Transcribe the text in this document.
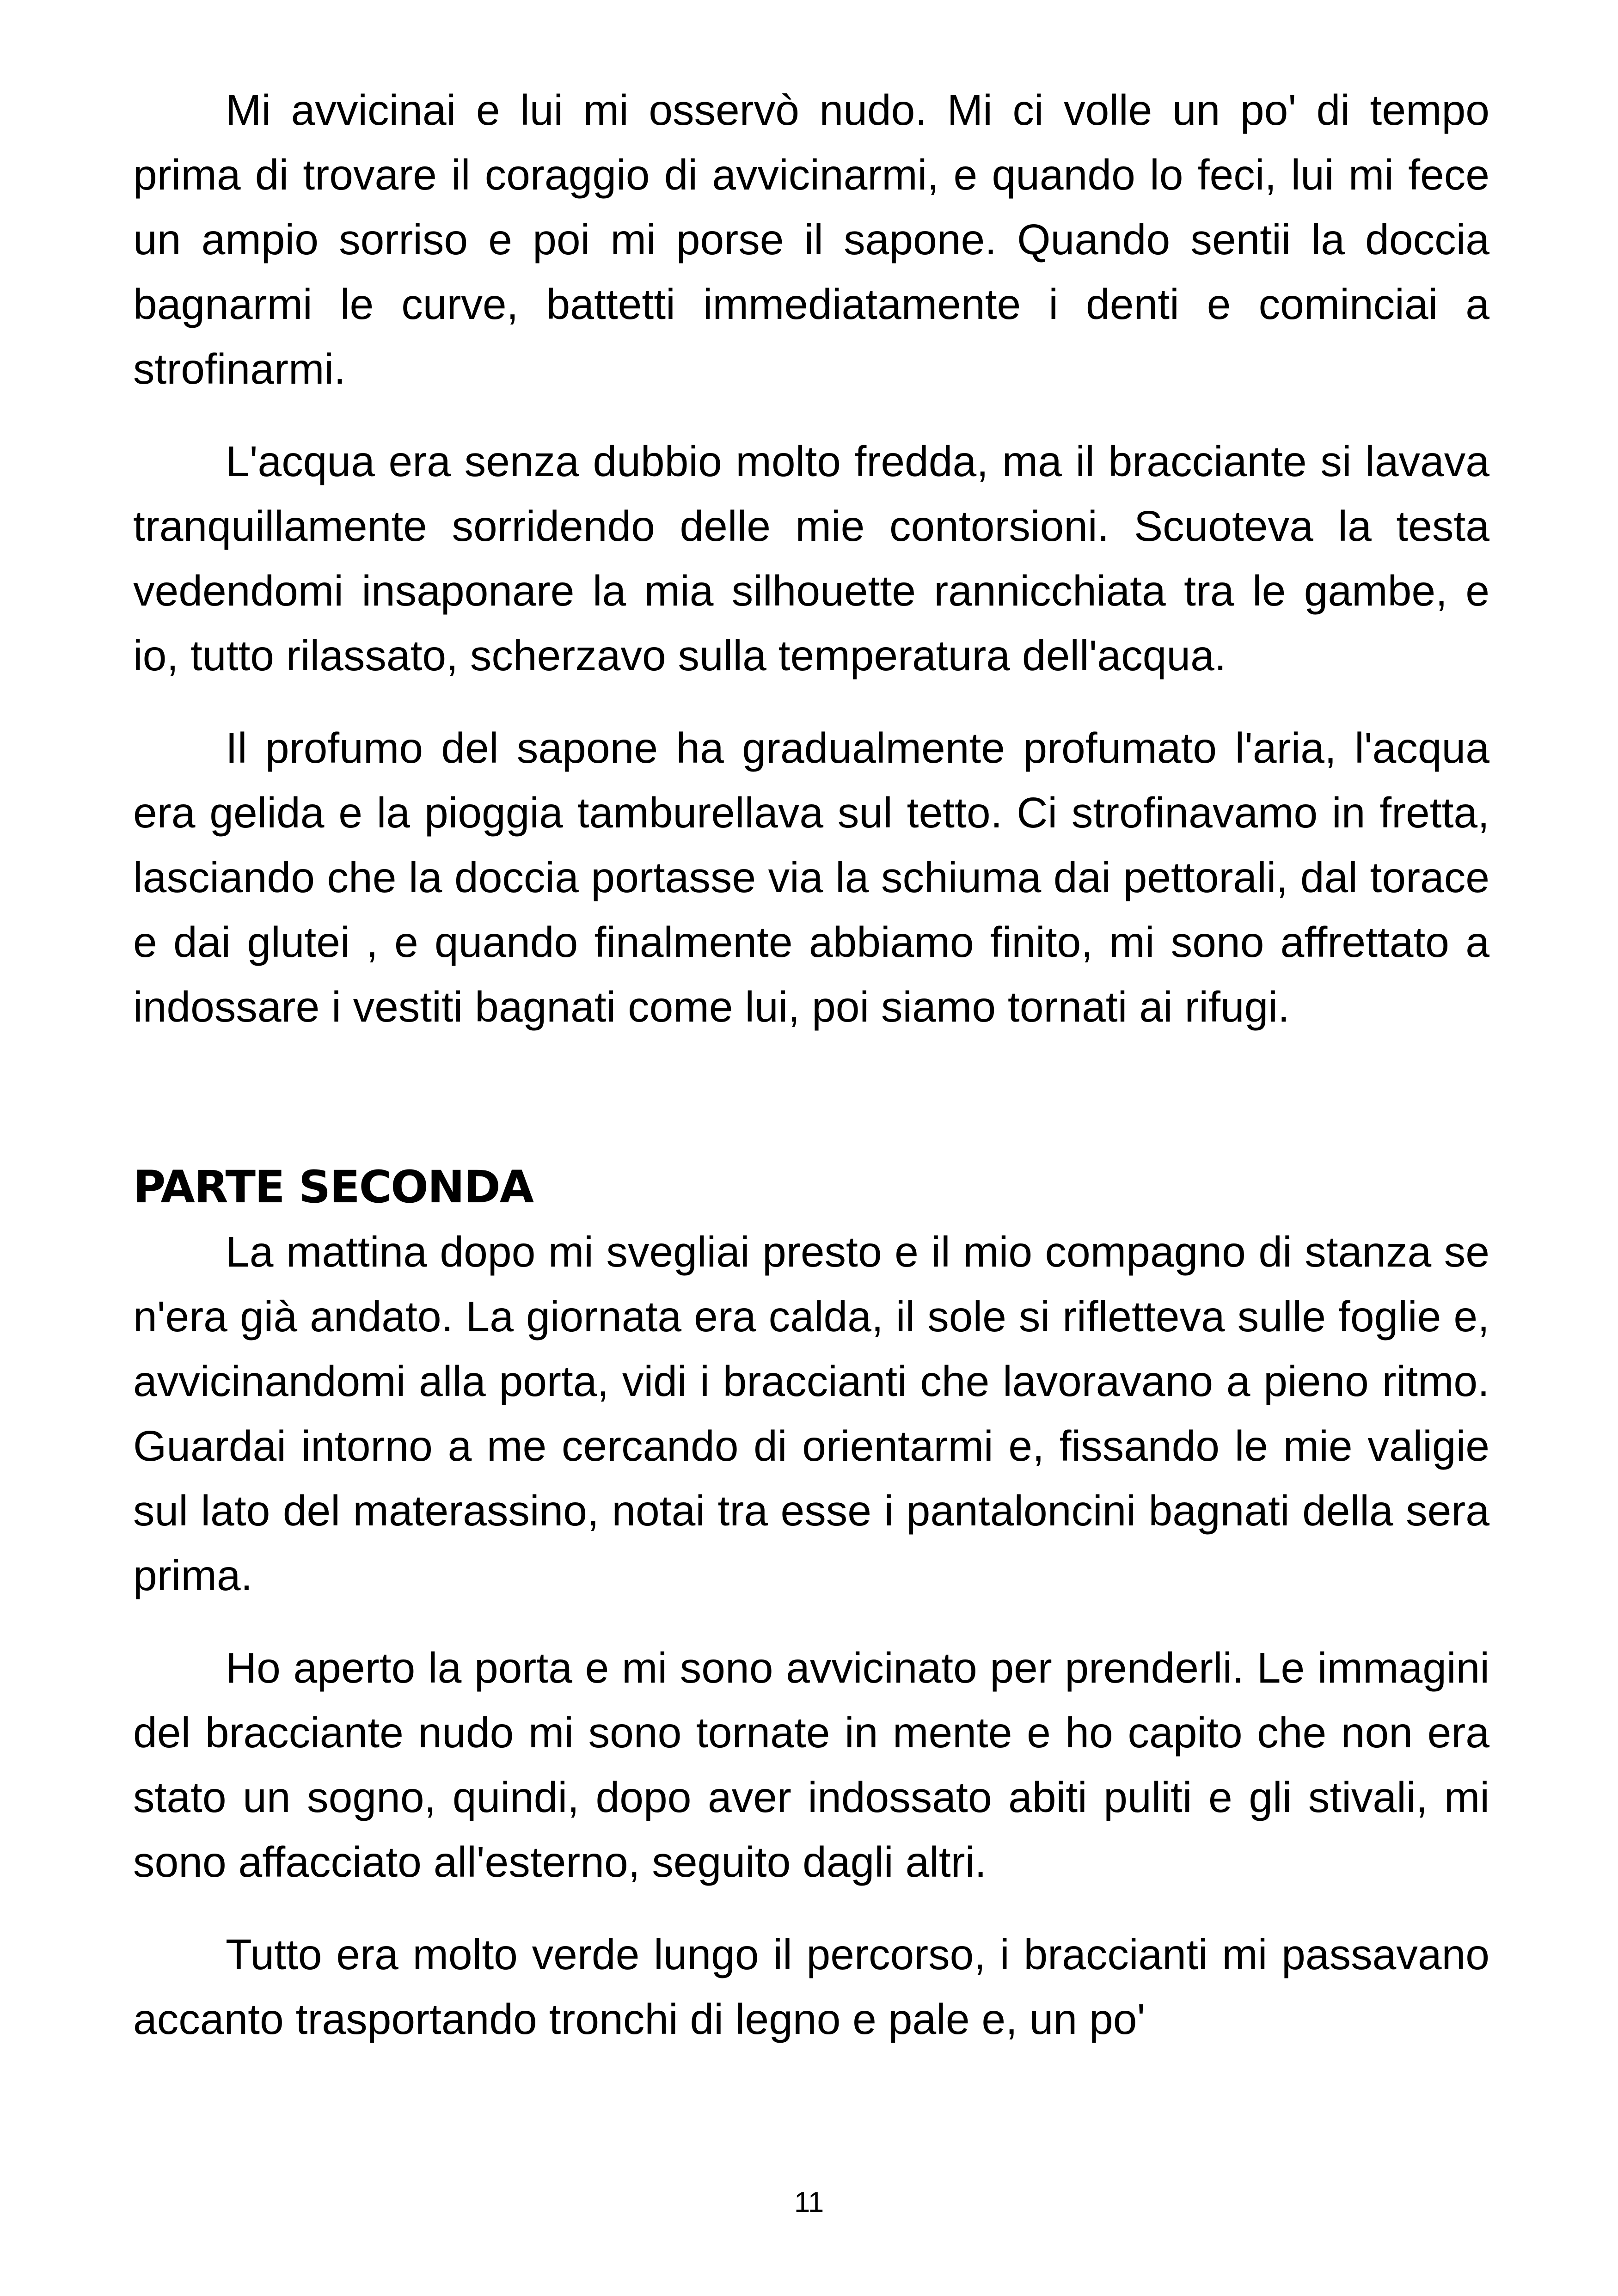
Mi avvicinai e lui mi osservò nudo. Mi ci volle un po' di tempo prima di trovare il coraggio di avvicinarmi, e quando lo feci, lui mi fece un ampio sorriso e poi mi porse il sapone. Quando sentii la doccia bagnarmi le curve, battetti immediatamente i denti e cominciai a strofinarmi.

L'acqua era senza dubbio molto fredda, ma il bracciante si lavava tranquillamente sorridendo delle mie contorsioni. Scuoteva la testa vedendomi insaponare la mia silhouette rannicchiata tra le gambe, e io, tutto rilassato, scherzavo sulla temperatura dell'acqua.

Il profumo del sapone ha gradualmente profumato l'aria, l'acqua era gelida e la pioggia tamburellava sul tetto. Ci strofinavamo in fretta, lasciando che la doccia portasse via la schiuma dai pettorali, dal torace e dai glutei , e quando finalmente abbiamo finito, mi sono affrettato a indossare i vestiti bagnati come lui, poi siamo tornati ai rifugi.

PARTE SECONDA

La mattina dopo mi svegliai presto e il mio compagno di stanza se n'era già andato. La giornata era calda, il sole si rifletteva sulle foglie e, avvicinandomi alla porta, vidi i braccianti che lavoravano a pieno ritmo. Guardai intorno a me cercando di orientarmi e, fissando le mie valigie sul lato del materassino, notai tra esse i pantaloncini bagnati della sera prima.

Ho aperto la porta e mi sono avvicinato per prenderli. Le immagini del bracciante nudo mi sono tornate in mente e ho capito che non era stato un sogno, quindi, dopo aver indossato abiti puliti e gli stivali, mi sono affacciato all'esterno, seguito dagli altri.

Tutto era molto verde lungo il percorso, i braccianti mi passavano accanto trasportando tronchi di legno e pale e, un po'

11
